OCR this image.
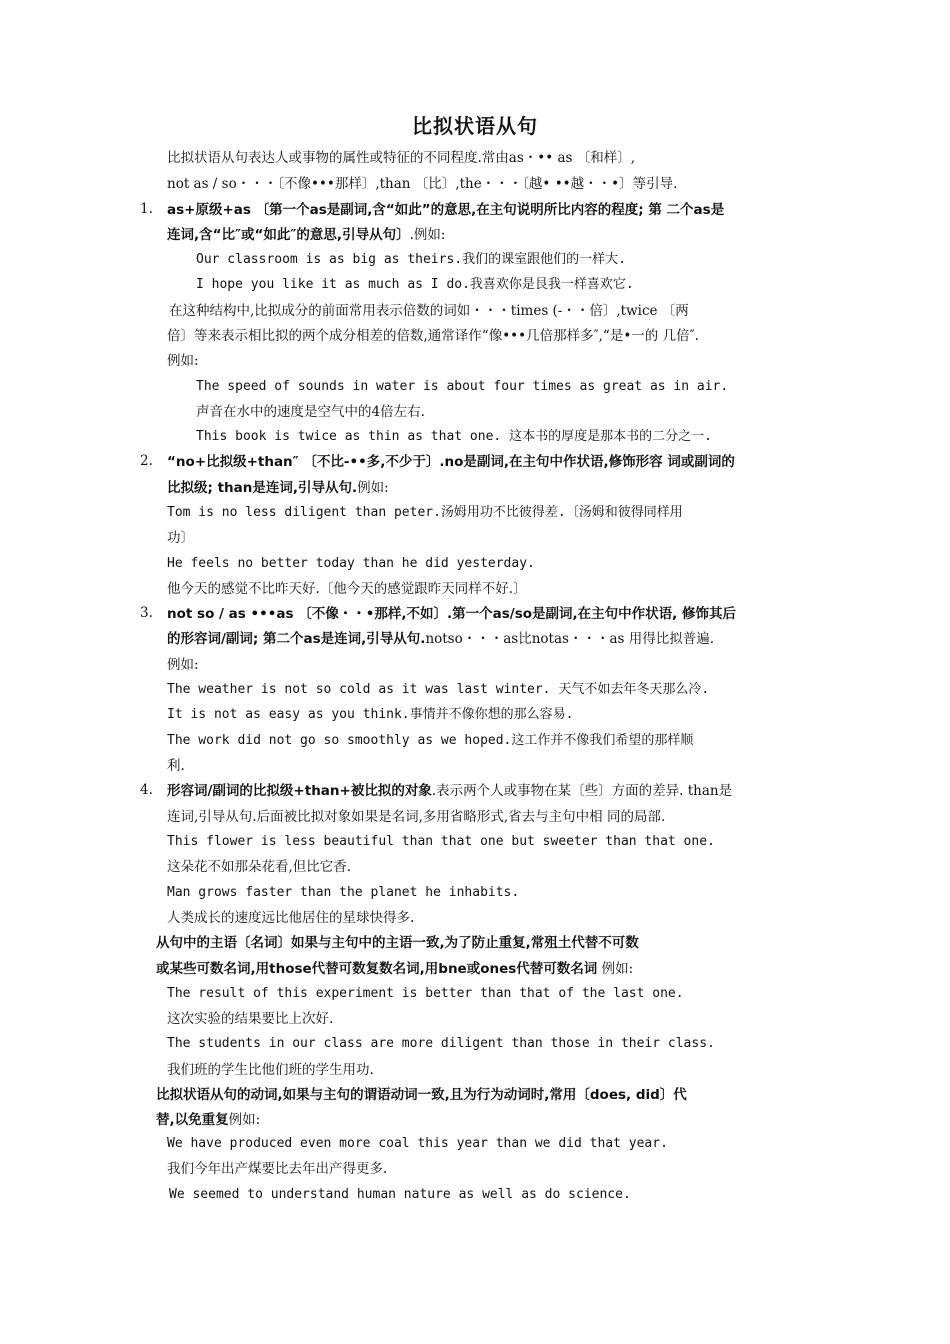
比拟状语从句
比拟状语从句表达人或事物的属性或特征的不同程度.常由as・•• as 〔和样〕,
not as / so・・・〔不像•••那样〕,than 〔比〕,the・・・〔越• ••越・・•〕等引导.
1. as+原级+as 〔第一个as是副词,含“如此”的意思,在主句说明所比内容的程度; 第 二个as是
连词,含“比″或“如此″的意思,引导从句〕.例如:
Our classroom is as big as theirs.我们的课室跟他们的一样大.
I hope you like it as much as I do.我喜欢你是艮我一样喜欢它.
在这种结构中,比拟成分的前面常用表示倍数的词如・・・times (-・・倍〕,twice 〔两
倍〕等来表示相比拟的两个成分相差的倍数,通常译作“像•••几倍那样多″,“是•一的 几倍″.
例如:
The speed of sounds in water is about four times as great as in air.
声音在水中的速度是空气中的4倍左右.
This book is twice as thin as that one. 这本书的厚度是那本书的二分之一.
2. “no+比拟级+than″ 〔不比-••多,不少于〕.no是副词,在主句中作状语,修饰形容 词或副词的
比拟级; than是连词,引导从句.例如:
Tom is no less diligent than peter.汤姆用功不比彼得差.〔汤姆和彼得同样用
功〕
He feels no better today than he did yesterday.
他今天的感觉不比昨天好.〔他今天的感觉跟昨天同样不好.〕
3. not so / as •••as 〔不像・・•那样,不如〕.第一个as/so是副词,在主句中作状语, 修饰其后
的形容词/副词; 第二个as是连词,引导从句.notso・・・as比notas・・・as 用得比拟普遍.
例如:
The weather is not so cold as it was last winter. 天气不如去年冬天那么冷.
It is not as easy as you think.事情并不像你想的那么容易.
The work did not go so smoothly as we hoped.这工作并不像我们希望的那样顺
利.
4. 形容词/副词的比拟级+than+被比拟的对象.表示两个人或事物在某〔些〕方面的差异. than是
连词,引导从句.后面被比拟对象如果是名词,多用省略形式,省去与主句中相 同的局部.
This flower is less beautiful than that one but sweeter than that one.
这朵花不如那朵花看,但比它香.
Man grows faster than the planet he inhabits.
人类成长的速度远比他居住的星球快得多.
从句中的主语〔名词〕如果与主句中的主语一致,为了防止重复,常殂土代替不可数
或某些可数名词,用those代替可数复数名词,用bne或ones代替可数名词 例如:
The result of this experiment is better than that of the last one.
这次实验的结果要比上次好.
The students in our class are more diligent than those in their class.
我们班的学生比他们班的学生用功.
比拟状语从句的动词,如果与主句的谓语动词一致,且为行为动词时,常用〔does, did〕代
替,以免重复例如:
We have produced even more coal this year than we did that year.
我们今年出产煤要比去年出产得更多.
We seemed to understand human nature as well as do science.
